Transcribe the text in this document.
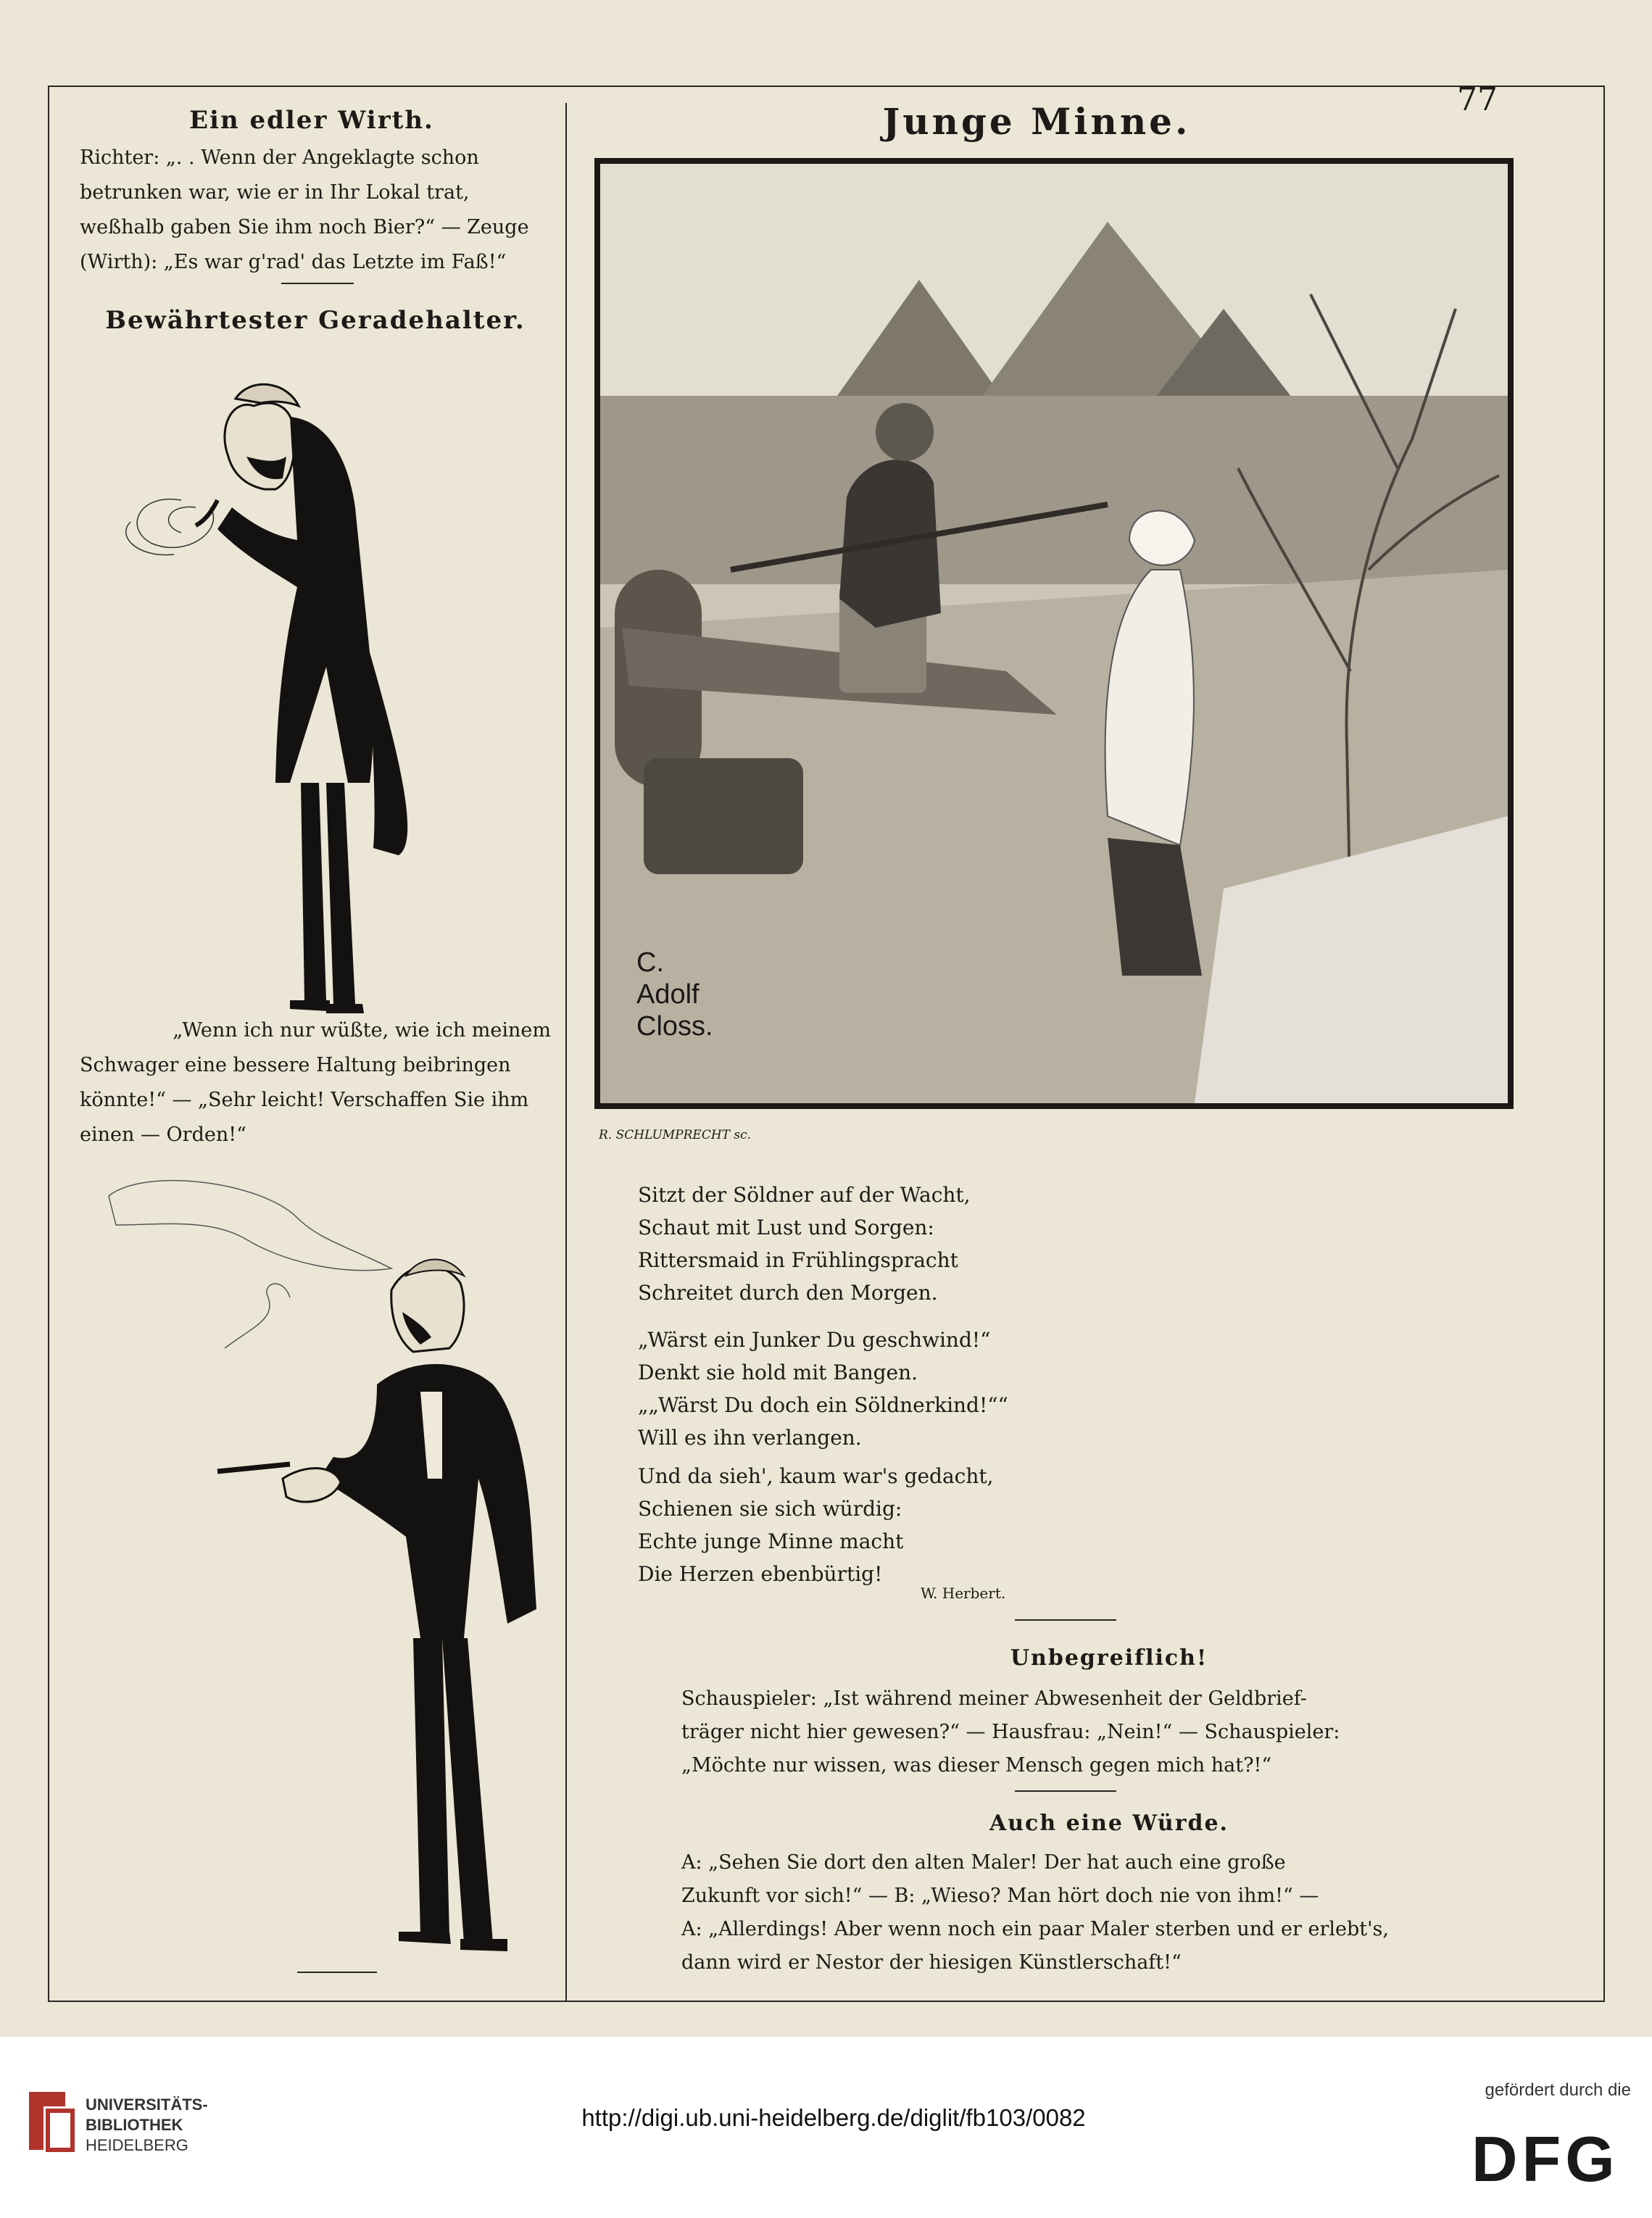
77
Junge Minne.
Ein edler Wirth.
Richter: „. . Wenn der Angeklagte schon
betrunken war, wie er in Ihr Lokal trat,
weßhalb gaben Sie ihm noch Bier?“ — Zeuge
(Wirth): „Es war g'rad' das Letzte im Faß!“
Bewährtester Geradehalter.
„Wenn ich nur wüßte, wie ich meinem
Schwager eine bessere Haltung beibringen
könnte!“ — „Sehr leicht! Verschaffen Sie ihm
einen — Orden!“
C.
Adolf
Closs.
R. SCHLUMPRECHT sc.
Sitzt der Söldner auf der Wacht,
Schaut mit Lust und Sorgen:
Rittersmaid in Frühlingspracht
Schreitet durch den Morgen.
„Wärst ein Junker Du geschwind!“
Denkt sie hold mit Bangen.
„„Wärst Du doch ein Söldnerkind!““
Will es ihn verlangen.
Und da sieh', kaum war's gedacht,
Schienen sie sich würdig:
Echte junge Minne macht
Die Herzen ebenbürtig!
W. Herbert.
Unbegreiflich!
Schauspieler: „Ist während meiner Abwesenheit der Geldbrief-
träger nicht hier gewesen?“ — Hausfrau: „Nein!“ — Schauspieler:
„Möchte nur wissen, was dieser Mensch gegen mich hat?!“
Auch eine Würde.
A: „Sehen Sie dort den alten Maler! Der hat auch eine große
Zukunft vor sich!“ — B: „Wieso? Man hört doch nie von ihm!“ —
A: „Allerdings! Aber wenn noch ein paar Maler sterben und er erlebt's,
dann wird er Nestor der hiesigen Künstlerschaft!“
UNIVERSITÄTS-
BIBLIOTHEK
HEIDELBERG
http://digi.ub.uni-heidelberg.de/diglit/fb103/0082
gefördert durch die
DFG
